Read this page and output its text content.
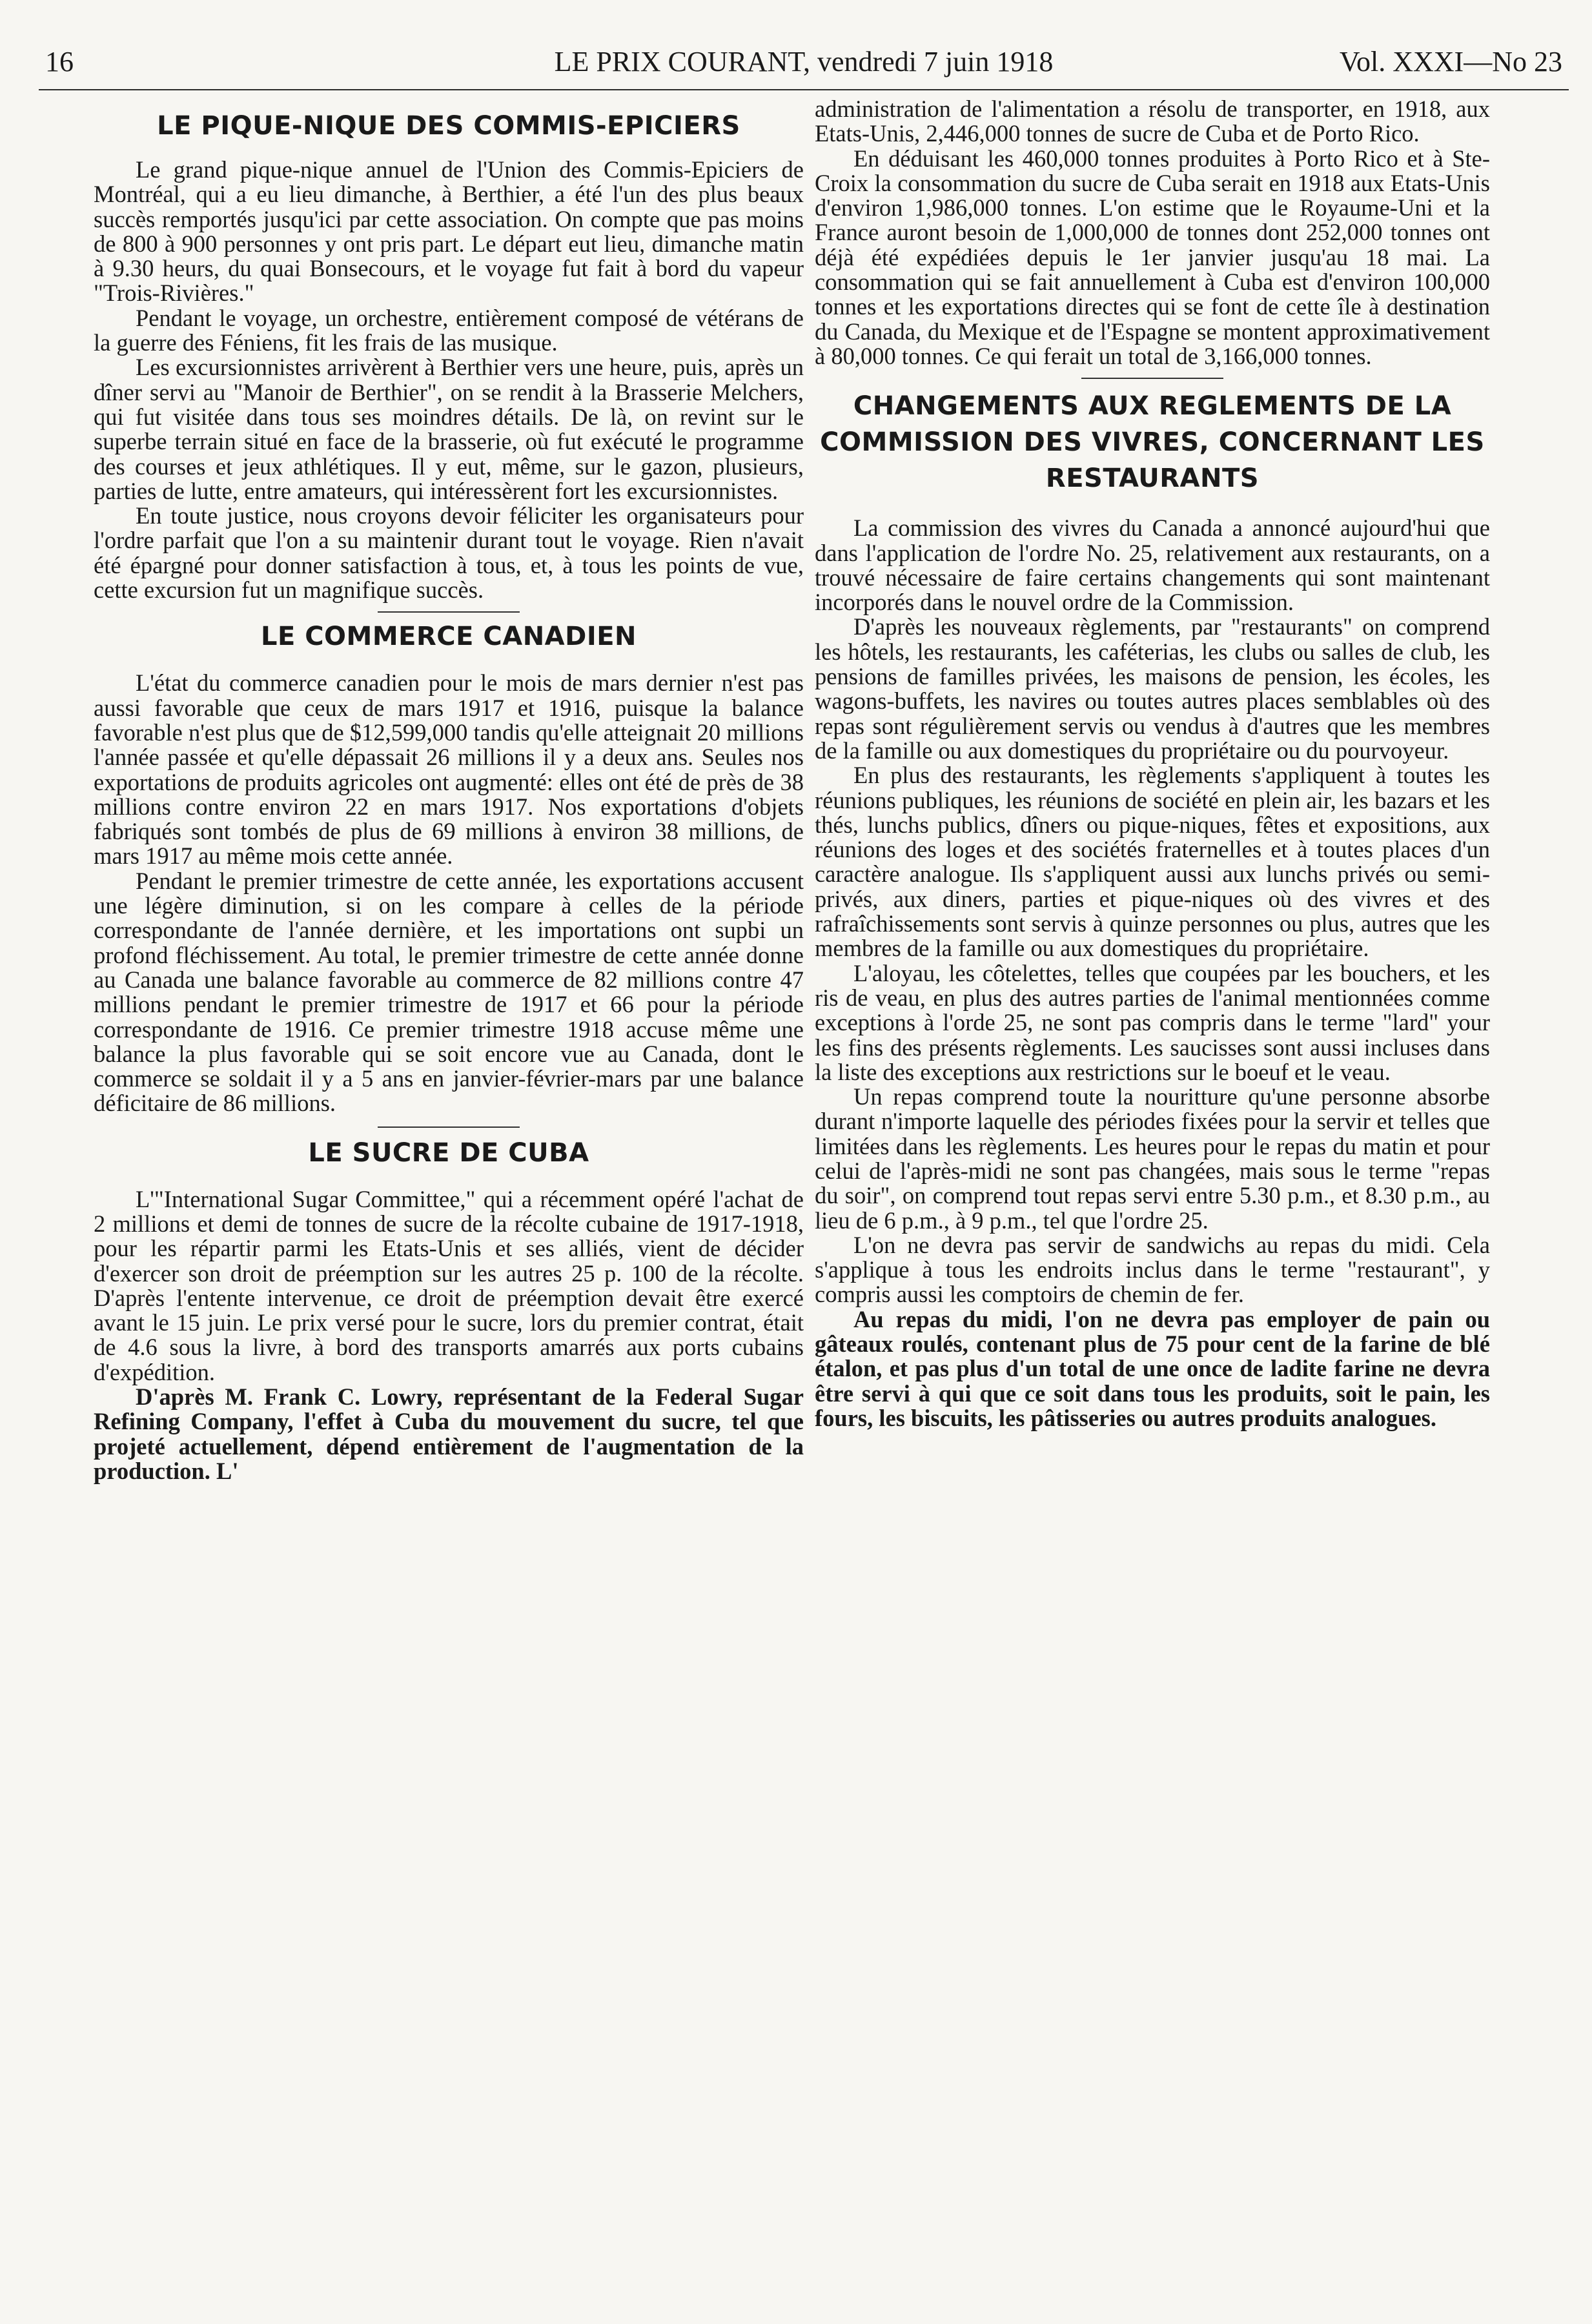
16	LE PRIX COURANT, vendredi 7 juin 1918	Vol. XXXI—No 23
LE PIQUE-NIQUE DES COMMIS-EPICIERS

Le grand pique-nique annuel de l'Union des Commis-Epiciers de Montréal, qui a eu lieu dimanche, à Berthier, a été l'un des plus beaux succès remportés jusqu'ici par cette association. On compte que pas moins de 800 à 900 personnes y ont pris part. Le départ eut lieu, dimanche matin à 9.30 heurs, du quai Bonsecours, et le voyage fut fait à bord du vapeur "Trois-Rivières."

Pendant le voyage, un orchestre, entièrement composé de vétérans de la guerre des Féniens, fit les frais de las musique.

Les excursionnistes arrivèrent à Berthier vers une heure, puis, après un dîner servi au "Manoir de Berthier", on se rendit à la Brasserie Melchers, qui fut visitée dans tous ses moindres détails. De là, on revint sur le superbe terrain situé en face de la brasserie, où fut exécuté le programme des courses et jeux athlétiques. Il y eut, même, sur le gazon, plusieurs, parties de lutte, entre amateurs, qui intéressèrent fort les excursionnistes.

En toute justice, nous croyons devoir féliciter les organisateurs pour l'ordre parfait que l'on a su maintenir durant tout le voyage. Rien n'avait été épargné pour donner satisfaction à tous, et, à tous les points de vue, cette excursion fut un magnifique succès.

LE COMMERCE CANADIEN

L'état du commerce canadien pour le mois de mars dernier n'est pas aussi favorable que ceux de mars 1917 et 1916, puisque la balance favorable n'est plus que de $12,599,000 tandis qu'elle atteignait 20 millions l'année passée et qu'elle dépassait 26 millions il y a deux ans. Seules nos exportations de produits agricoles ont augmenté: elles ont été de près de 38 millions contre environ 22 en mars 1917. Nos exportations d'objets fabriqués sont tombés de plus de 69 millions à environ 38 millions, de mars 1917 au même mois cette année.

Pendant le premier trimestre de cette année, les exportations accusent une légère diminution, si on les compare à celles de la période correspondante de l'année dernière, et les importations ont supbi un profond fléchissement. Au total, le premier trimestre de cette année donne au Canada une balance favorable au commerce de 82 millions contre 47 millions pendant le premier trimestre de 1917 et 66 pour la période correspondante de 1916. Ce premier trimestre 1918 accuse même une balance la plus favorable qui se soit encore vue au Canada, dont le commerce se soldait il y a 5 ans en janvier-février-mars par une balance déficitaire de 86 millions.

LE SUCRE DE CUBA

L'"International Sugar Committee," qui a récemment opéré l'achat de 2 millions et demi de tonnes de sucre de la récolte cubaine de 1917-1918, pour les répartir parmi les Etats-Unis et ses alliés, vient de décider d'exercer son droit de préemption sur les autres 25 p. 100 de la récolte. D'après l'entente intervenue, ce droit de préemption devait être exercé avant le 15 juin. Le prix versé pour le sucre, lors du premier contrat, était de 4.6 sous la livre, à bord des transports amarrés aux ports cubains d'expédition.

D'après M. Frank C. Lowry, représentant de la Federal Sugar Refining Company, l'effet à Cuba du mouvement du sucre, tel que projeté actuellement, dépend entièrement de l'augmentation de la production. L'

administration de l'alimentation a résolu de transporter, en 1918, aux Etats-Unis, 2,446,000 tonnes de sucre de Cuba et de Porto Rico.

En déduisant les 460,000 tonnes produites à Porto Rico et à Ste-Croix la consommation du sucre de Cuba serait en 1918 aux Etats-Unis d'environ 1,986,000 tonnes. L'on estime que le Royaume-Uni et la France auront besoin de 1,000,000 de tonnes dont 252,000 tonnes ont déjà été expédiées depuis le 1er janvier jusqu'au 18 mai. La consommation qui se fait annuellement à Cuba est d'environ 100,000 tonnes et les exportations directes qui se font de cette île à destination du Canada, du Mexique et de l'Espagne se montent approximativement à 80,000 tonnes. Ce qui ferait un total de 3,166,000 tonnes.

CHANGEMENTS AUX REGLEMENTS DE LA COMMISSION DES VIVRES, CONCERNANT LES RESTAURANTS

La commission des vivres du Canada a annoncé aujourd'hui que dans l'application de l'ordre No. 25, relativement aux restaurants, on a trouvé nécessaire de faire certains changements qui sont maintenant incorporés dans le nouvel ordre de la Commission.

D'après les nouveaux règlements, par "restaurants" on comprend les hôtels, les restaurants, les caféterias, les clubs ou salles de club, les pensions de familles privées, les maisons de pension, les écoles, les wagons-buffets, les navires ou toutes autres places semblables où des repas sont régulièrement servis ou vendus à d'autres que les membres de la famille ou aux domestiques du propriétaire ou du pourvoyeur.

En plus des restaurants, les règlements s'appliquent à toutes les réunions publiques, les réunions de société en plein air, les bazars et les thés, lunchs publics, dîners ou pique-niques, fêtes et expositions, aux réunions des loges et des sociétés fraternelles et à toutes places d'un caractère analogue. Ils s'appliquent aussi aux lunchs privés ou semi-privés, aux diners, parties et pique-niques où des vivres et des rafraîchissements sont servis à quinze personnes ou plus, autres que les membres de la famille ou aux domestiques du propriétaire.

L'aloyau, les côtelettes, telles que coupées par les bouchers, et les ris de veau, en plus des autres parties de l'animal mentionnées comme exceptions à l'orde 25, ne sont pas compris dans le terme "lard" your les fins des présents règlements. Les saucisses sont aussi incluses dans la liste des exceptions aux restrictions sur le boeuf et le veau.

Un repas comprend toute la nouritture qu'une personne absorbe durant n'importe laquelle des périodes fixées pour la servir et telles que limitées dans les règlements. Les heures pour le repas du matin et pour celui de l'après-midi ne sont pas changées, mais sous le terme "repas du soir", on comprend tout repas servi entre 5.30 p.m., et 8.30 p.m., au lieu de 6 p.m., à 9 p.m., tel que l'ordre 25.

L'on ne devra pas servir de sandwichs au repas du midi. Cela s'applique à tous les endroits inclus dans le terme "restaurant", y compris aussi les comptoirs de chemin de fer.

Au repas du midi, l'on ne devra pas employer de pain ou gâteaux roulés, contenant plus de 75 pour cent de la farine de blé étalon, et pas plus d'un total de une once de ladite farine ne devra être servi à qui que ce soit dans tous les produits, soit le pain, les fours, les biscuits, les pâtisseries ou autres produits analogues.
